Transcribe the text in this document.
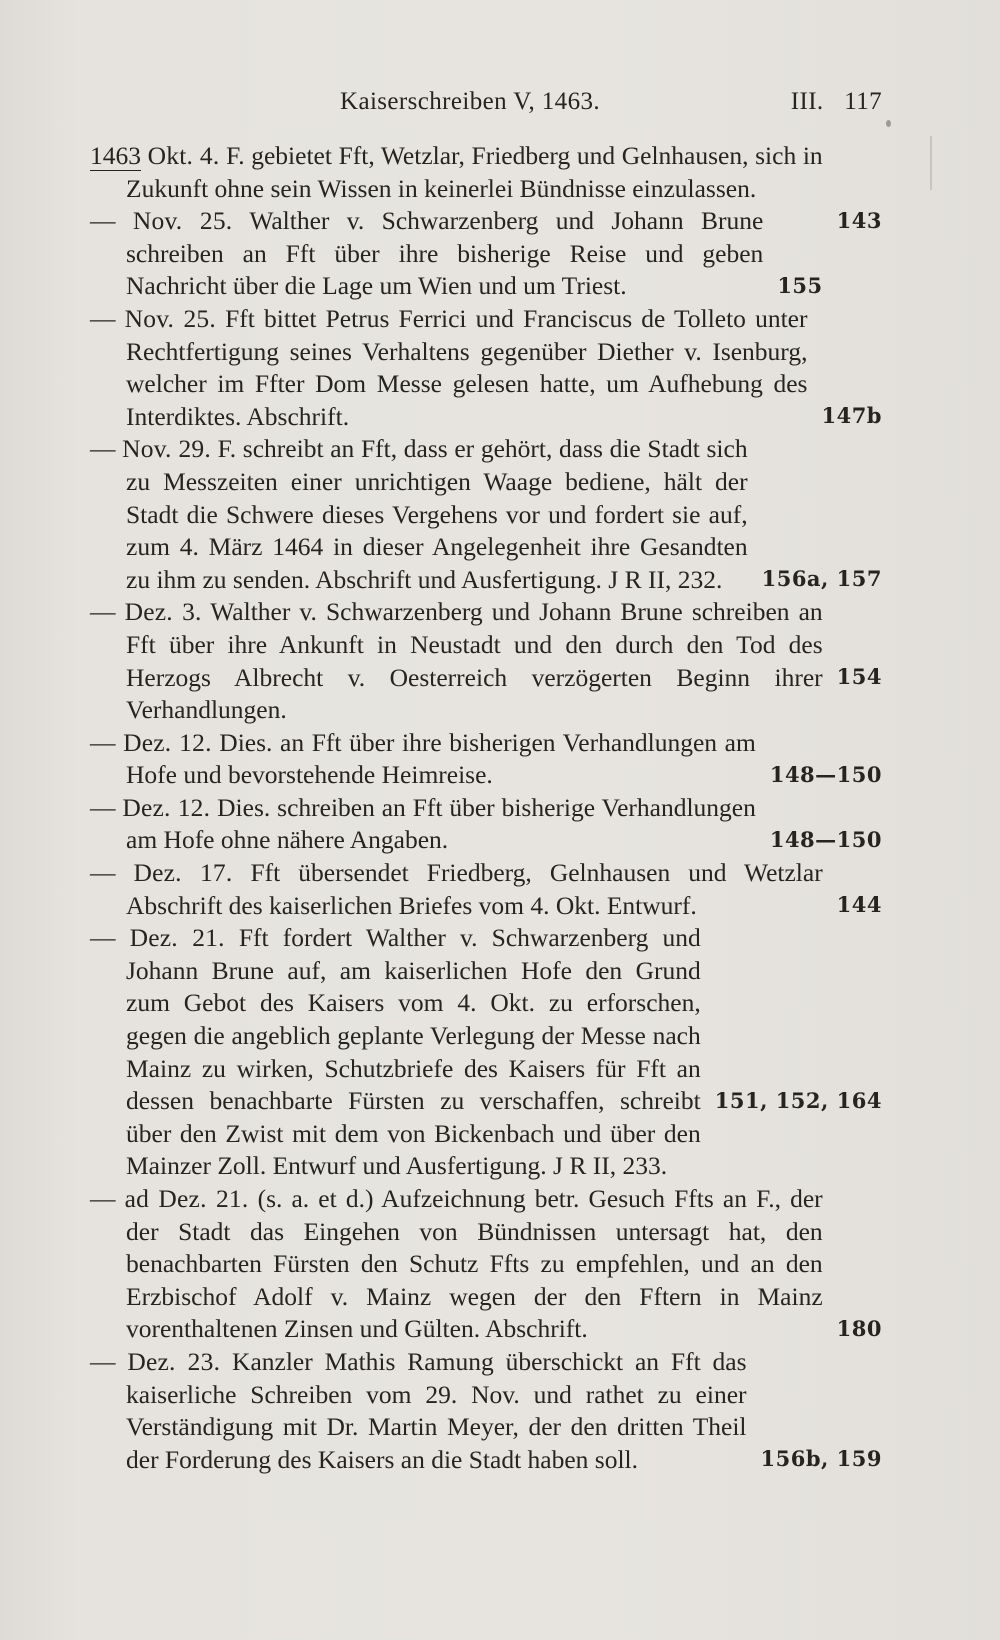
Kaiserschreiben V, 1463.	III. 117

143
1463 Okt. 4. F. gebietet Fft, Wetzlar, Friedberg und Gelnhausen, sich in Zukunft ohne sein Wissen in keinerlei Bündnisse einzulassen.

155
— Nov. 25. Walther v. Schwarzenberg und Johann Brune schreiben an Fft über ihre bisherige Reise und geben Nachricht über die Lage um Wien und um Triest.

147b
— Nov. 25. Fft bittet Petrus Ferrici und Franciscus de Tolleto unter Rechtfertigung seines Verhaltens gegenüber Diether v. Isenburg, welcher im Ffter Dom Messe gelesen hatte, um Aufhebung des Interdiktes. Abschrift.

156a, 157
— Nov. 29. F. schreibt an Fft, dass er gehört, dass die Stadt sich zu Messzeiten einer unrichtigen Waage bediene, hält der Stadt die Schwere dieses Vergehens vor und fordert sie auf, zum 4. März 1464 in dieser Angelegenheit ihre Gesandten zu ihm zu senden. Abschrift und Ausfertigung. J R II, 232.

154
— Dez. 3. Walther v. Schwarzenberg und Johann Brune schreiben an Fft über ihre Ankunft in Neustadt und den durch den Tod des Herzogs Albrecht v. Oesterreich verzögerten Beginn ihrer Verhandlungen.

148—150
— Dez. 12. Dies. an Fft über ihre bisherigen Verhandlungen am Hofe und bevorstehende Heimreise.

148—150
— Dez. 12. Dies. schreiben an Fft über bisherige Verhandlungen am Hofe ohne nähere Angaben.

144
— Dez. 17. Fft übersendet Friedberg, Gelnhausen und Wetzlar Abschrift des kaiserlichen Briefes vom 4. Okt. Entwurf.

151, 152, 164
— Dez. 21. Fft fordert Walther v. Schwarzenberg und Johann Brune auf, am kaiserlichen Hofe den Grund zum Gebot des Kaisers vom 4. Okt. zu erforschen, gegen die angeblich geplante Verlegung der Messe nach Mainz zu wirken, Schutzbriefe des Kaisers für Fft an dessen benachbarte Fürsten zu verschaffen, schreibt über den Zwist mit dem von Bickenbach und über den Mainzer Zoll. Entwurf und Ausfertigung. J R II, 233.

180
— ad Dez. 21. (s. a. et d.) Aufzeichnung betr. Gesuch Ffts an F., der der Stadt das Eingehen von Bündnissen untersagt hat, den benachbarten Fürsten den Schutz Ffts zu empfehlen, und an den Erzbischof Adolf v. Mainz wegen der den Fftern in Mainz vorenthaltenen Zinsen und Gülten. Abschrift.

156b, 159
— Dez. 23. Kanzler Mathis Ramung überschickt an Fft das kaiserliche Schreiben vom 29. Nov. und rathet zu einer Verständigung mit Dr. Martin Meyer, der den dritten Theil der Forderung des Kaisers an die Stadt haben soll.
